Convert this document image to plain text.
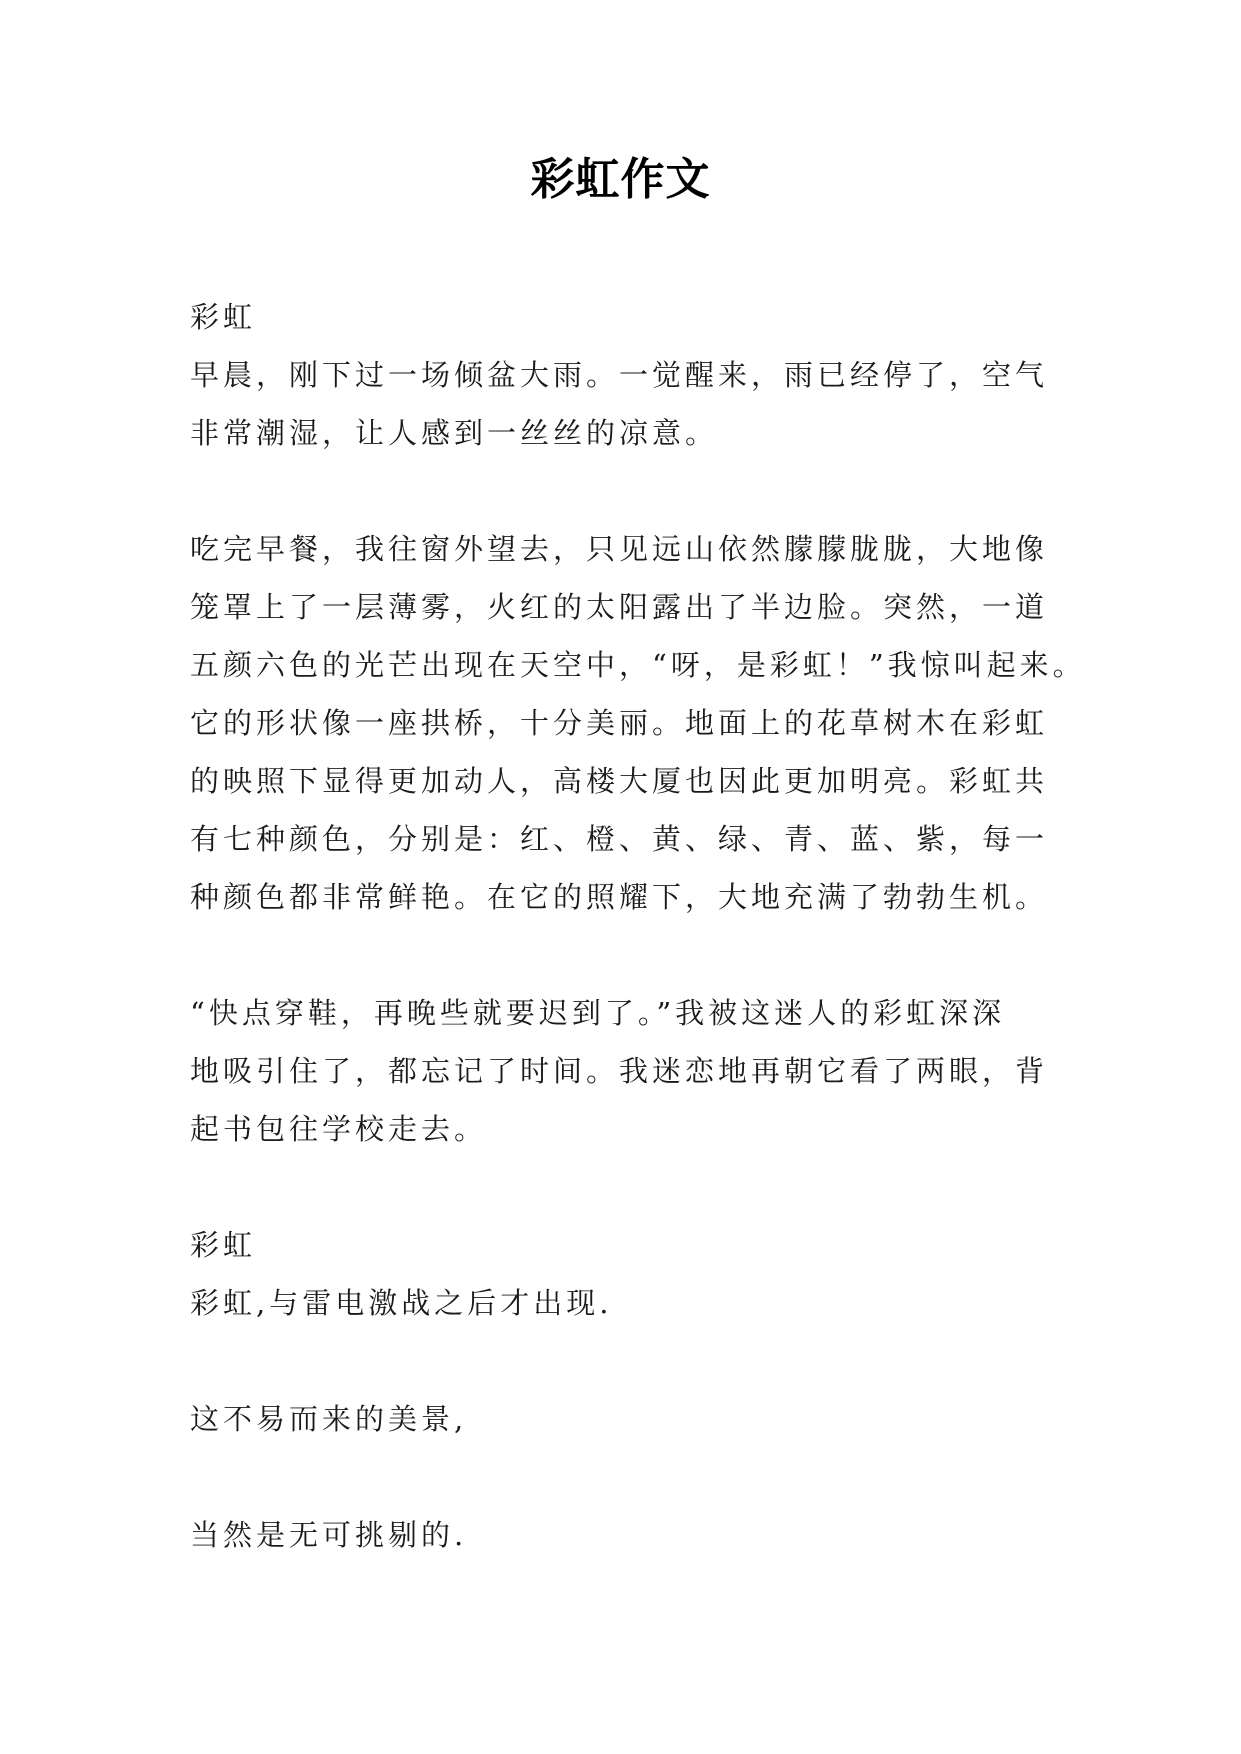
彩虹作文
彩虹
早晨，刚下过一场倾盆大雨。一觉醒来，雨已经停了，空气
非常潮湿，让人感到一丝丝的凉意。
吃完早餐，我往窗外望去，只见远山依然朦朦胧胧，大地像
笼罩上了一层薄雾，火红的太阳露出了半边脸。突然，一道
五颜六色的光芒出现在天空中，“呀，是彩虹！”我惊叫起来。
它的形状像一座拱桥，十分美丽。地面上的花草树木在彩虹
的映照下显得更加动人，高楼大厦也因此更加明亮。彩虹共
有七种颜色，分别是：红、橙、黄、绿、青、蓝、紫，每一
种颜色都非常鲜艳。在它的照耀下，大地充满了勃勃生机。
“快点穿鞋，再晚些就要迟到了。”我被这迷人的彩虹深深
地吸引住了，都忘记了时间。我迷恋地再朝它看了两眼，背
起书包往学校走去。
彩虹
彩虹,与雷电激战之后才出现.
这不易而来的美景,
当然是无可挑剔的.
